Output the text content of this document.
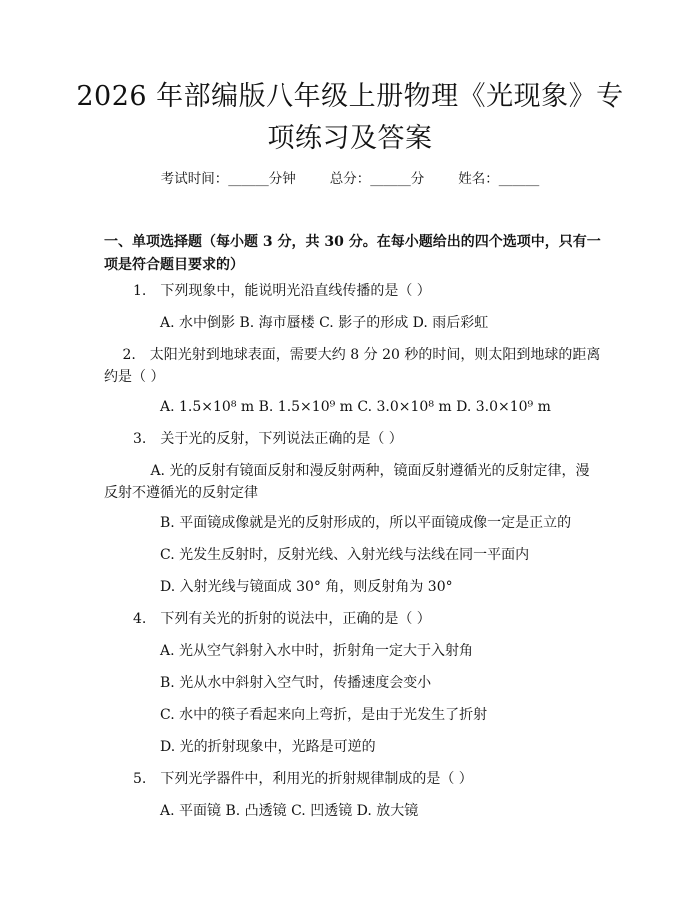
2026 年部编版八年级上册物理《光现象》专
项练习及答案
考试时间：______分钟	总分：______分	姓名：______
一、单项选择题（每小题 3 分，共 30 分。在每小题给出的四个选项中，只有一项是符合题目要求的）
1.　下列现象中，能说明光沿直线传播的是（ ）
A. 水中倒影 B. 海市蜃楼 C. 影子的形成 D. 雨后彩虹
　 2.　太阳光射到地球表面，需要大约 8 分 20 秒的时间，则太阳到地球的距离约是（ ）
A. 1.5×10⁸ m B. 1.5×10⁹ m C. 3.0×10⁸ m D. 3.0×10⁹ m
3.　关于光的反射，下列说法正确的是（ ）
　　　 A. 光的反射有镜面反射和漫反射两种，镜面反射遵循光的反射定律，漫反射不遵循光的反射定律
B. 平面镜成像就是光的反射形成的，所以平面镜成像一定是正立的
C. 光发生反射时，反射光线、入射光线与法线在同一平面内
D. 入射光线与镜面成 30° 角，则反射角为 30°
4.　下列有关光的折射的说法中，正确的是（ ）
A. 光从空气斜射入水中时，折射角一定大于入射角
B. 光从水中斜射入空气时，传播速度会变小
C. 水中的筷子看起来向上弯折，是由于光发生了折射
D. 光的折射现象中，光路是可逆的
5.　下列光学器件中，利用光的折射规律制成的是（ ）
A. 平面镜 B. 凸透镜 C. 凹透镜 D. 放大镜
